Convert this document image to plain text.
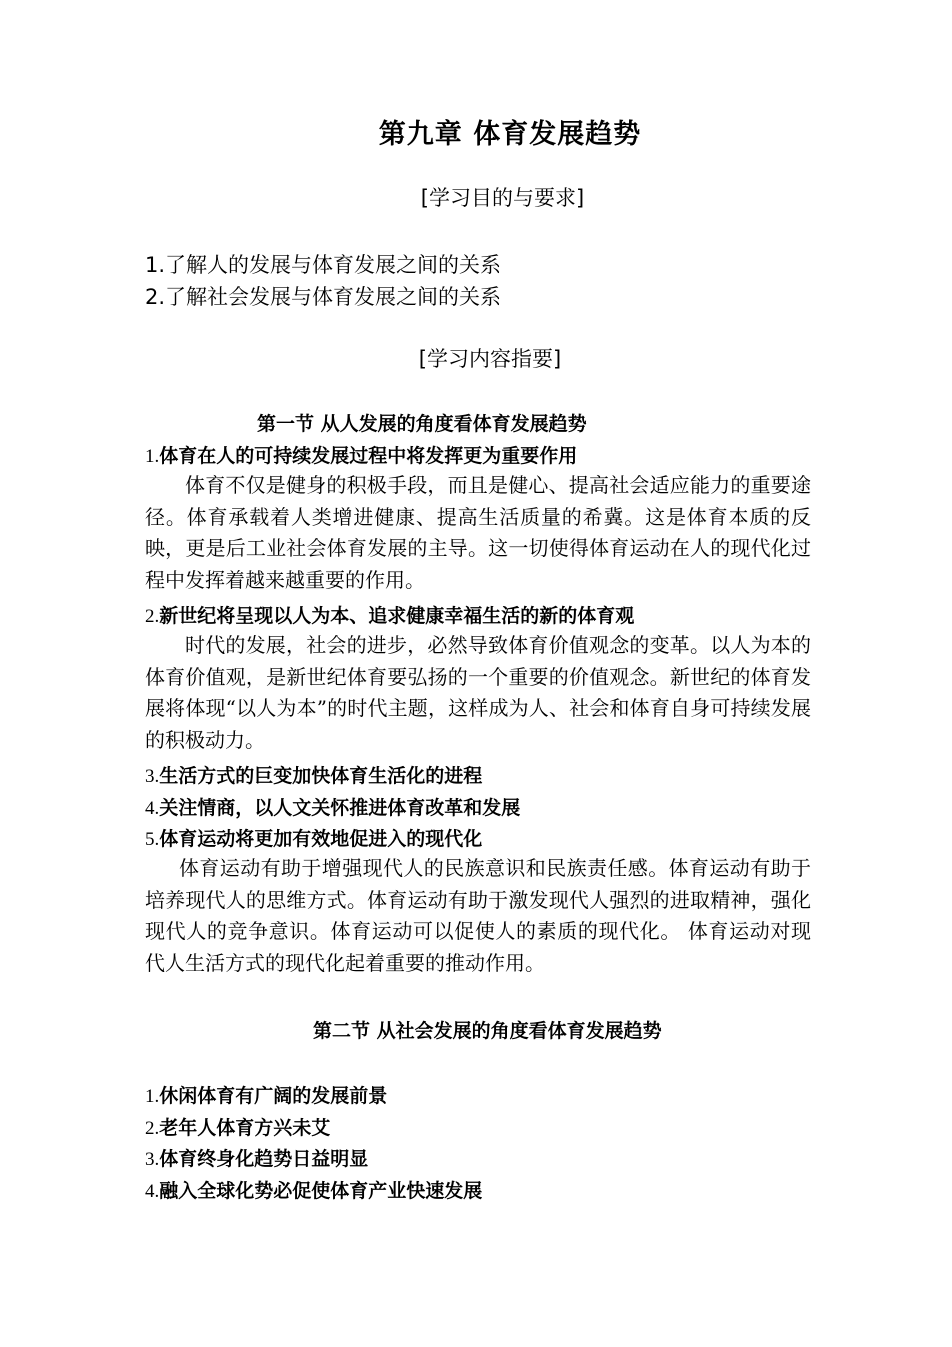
第九章 体育发展趋势
[学习目的与要求]
1.了解人的发展与体育发展之间的关系
2.了解社会发展与体育发展之间的关系
[学习内容指要]
第一节 从人发展的角度看体育发展趋势
1.体育在人的可持续发展过程中将发挥更为重要作用
体育不仅是健身的积极手段，而且是健心、提高社会适应能力的重要途径。体育承载着人类增进健康、提高生活质量的希冀。这是体育本质的反映，更是后工业社会体育发展的主导。这一切使得体育运动在人的现代化过程中发挥着越来越重要的作用。
2.新世纪将呈现以人为本、追求健康幸福生活的新的体育观
时代的发展，社会的进步，必然导致体育价值观念的变革。以人为本的体育价值观，是新世纪体育要弘扬的一个重要的价值观念。新世纪的体育发展将体现“以人为本”的时代主题，这样成为人、社会和体育自身可持续发展的积极动力。
3.生活方式的巨变加快体育生活化的进程
4.关注情商，以人文关怀推进体育改革和发展
5.体育运动将更加有效地促进入的现代化
体育运动有助于增强现代人的民族意识和民族责任感。体育运动有助于培养现代人的思维方式。体育运动有助于激发现代人强烈的进取精神，强化现代人的竞争意识。体育运动可以促使人的素质的现代化。 体育运动对现代人生活方式的现代化起着重要的推动作用。
第二节 从社会发展的角度看体育发展趋势
1.休闲体育有广阔的发展前景
2.老年人体育方兴未艾
3.体育终身化趋势日益明显
4.融入全球化势必促使体育产业快速发展
